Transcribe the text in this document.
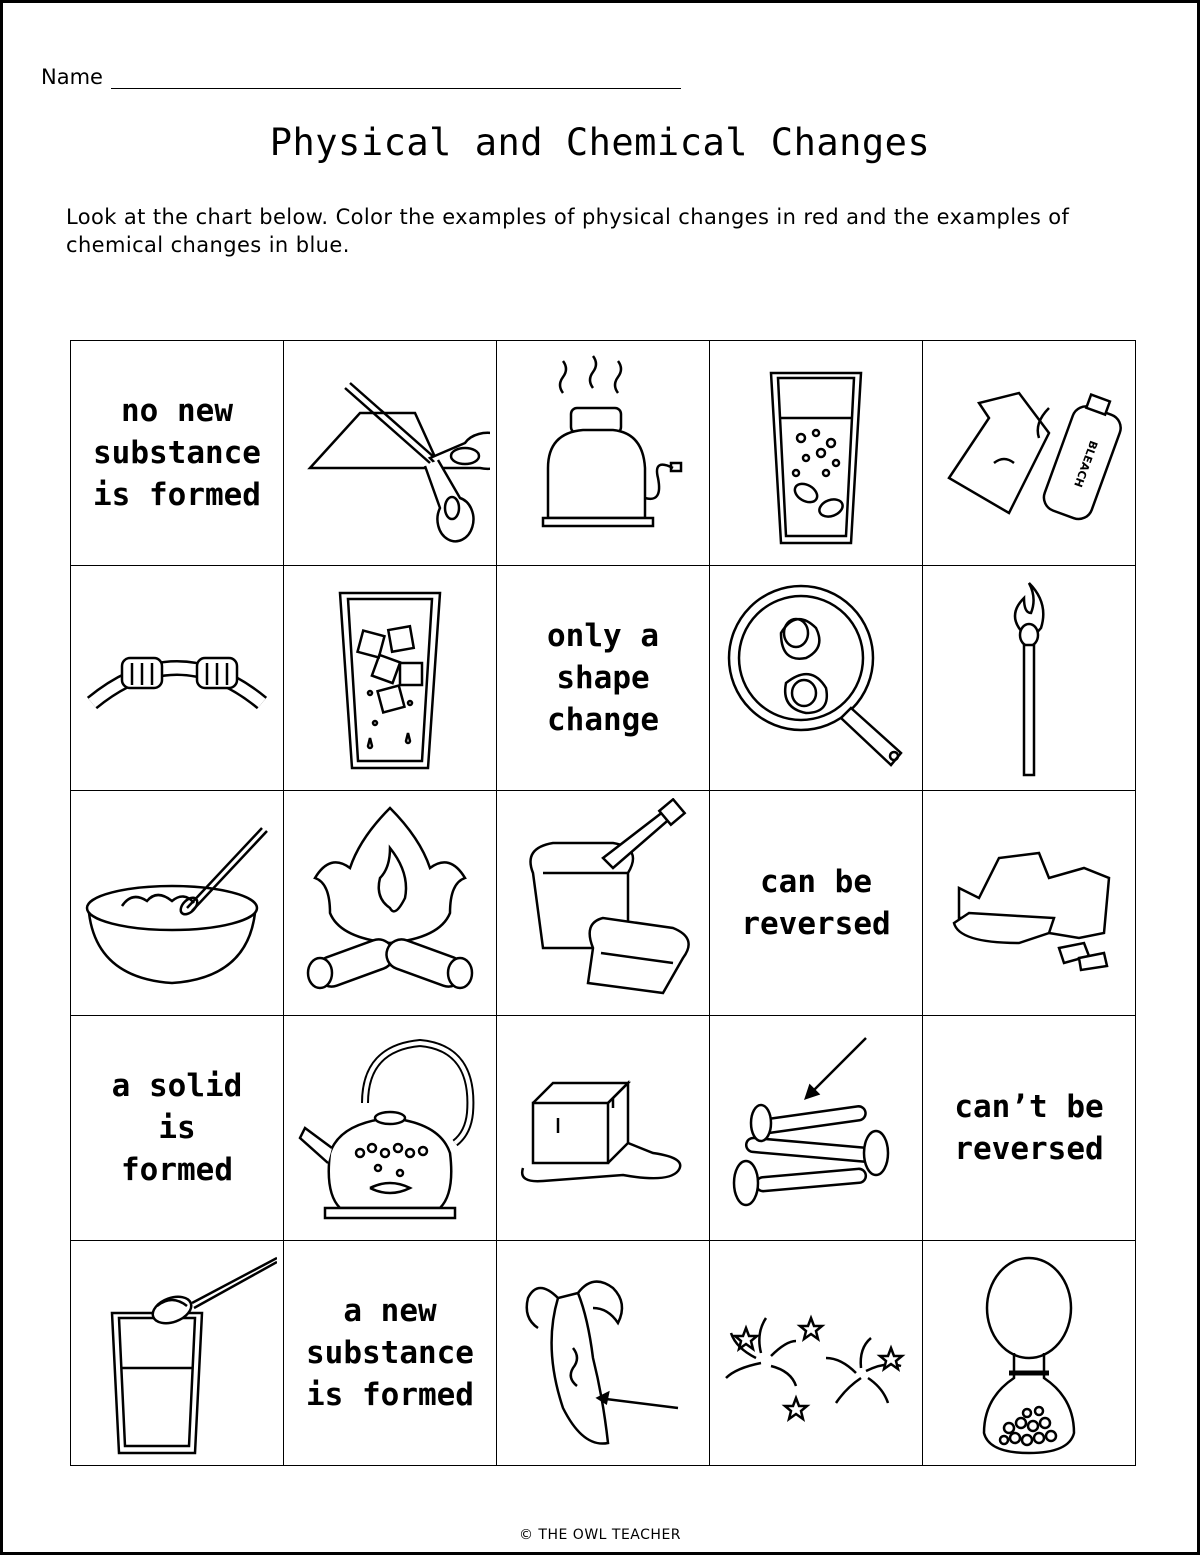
Name
Physical and Chemical Changes
Look at the chart below. Color the examples of physical changes in red and the examples of chemical changes in blue.
no new
substance
is formed
BLEACH
only a
shape
change
can be
reversed
a solid
is
formed
can’t be
reversed
a new
substance
is formed
© THE OWL TEACHER
